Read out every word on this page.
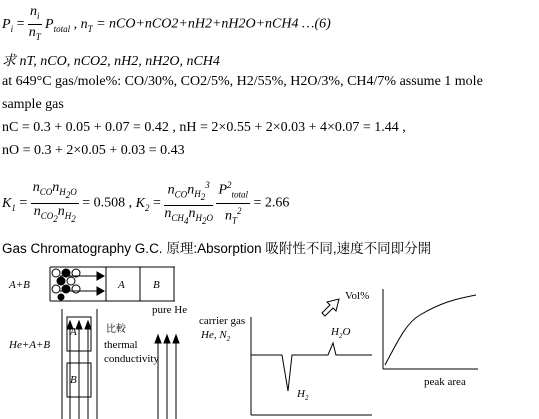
$P_i = \frac{n_i}{n_T} P_{total}$ , $n_T = nCO+nCO2+nH2+nH2O+nCH4$ …(6)
求 nT, nCO, nCO2, nH2, nH2O, nCH4
at 649°C gas/mole%: CO/30%, CO2/5%, H2/55%, H2O/3%, CH4/7% assume 1 mole
sample gas
nC = 0.3 + 0.05 + 0.07 = 0.42 , nH = 2×0.55 + 2×0.03 + 4×0.07 = 1.44 ,
nO = 0.3 + 2×0.05 + 0.03 = 0.43
$K_1 = \frac{n_{CO}n_{H_2O}}{n_{CO_2}n_{H_2}} = 0.508$ , $K_2 = \frac{n_{CO}n_{H_2}^3}{n_{CH_4}n_{H_2O}}$
$\frac{P^2_{total}}{n_T^2} = 2.66$
Gas Chromatography G.C. 原理:Absorption 吸附性不同,速度不同即分開
A+B	A	B
A
B
He+A+B
比較
thermal
conductivity
pure He
carrier gas
He, $N_2$
$H_2O$
$H_2$
Vol%
peak area
